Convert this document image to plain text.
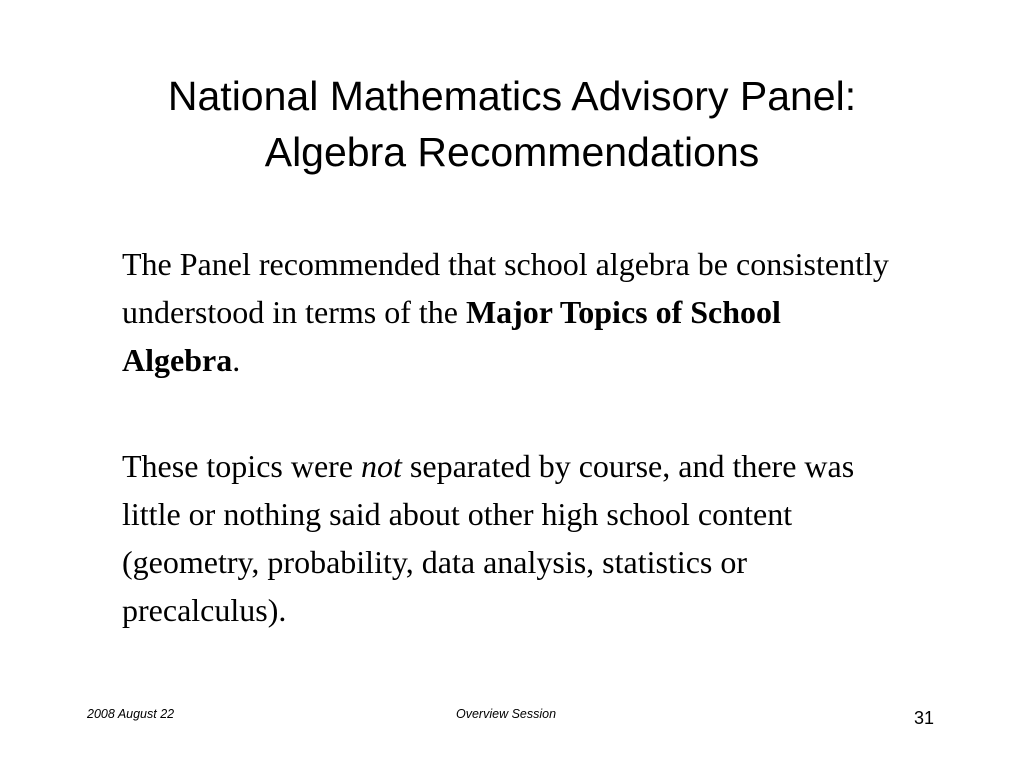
National Mathematics Advisory Panel:
Algebra Recommendations

The Panel recommended that school algebra be consistently understood in terms of the Major Topics of School Algebra.

These topics were not separated by course, and there was little or nothing said about other high school content (geometry, probability, data analysis, statistics or precalculus).

2008 August 22	Overview Session	31
